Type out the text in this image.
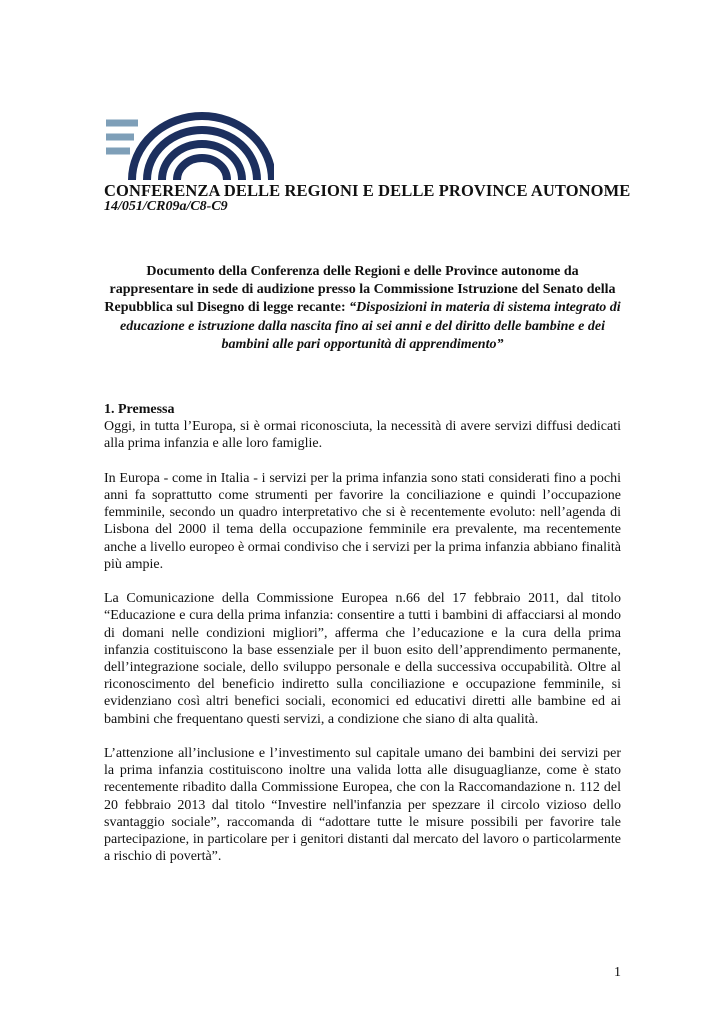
CONFERENZA DELLE REGIONI E DELLE PROVINCE AUTONOME
14/051/CR09a/C8-C9
Documento della Conferenza delle Regioni e delle Province autonome da rappresentare in sede di audizione presso la Commissione Istruzione del Senato della Repubblica sul Disegno di legge recante: “Disposizioni in materia di sistema integrato di educazione e istruzione dalla nascita fino ai sei anni e del diritto delle bambine e dei bambini alle pari opportunità di apprendimento”

1. Premessa

Oggi, in tutta l’Europa, si è ormai riconosciuta, la necessità di avere servizi diffusi dedicati alla prima infanzia e alle loro famiglie.

In Europa - come in Italia - i servizi per la prima infanzia sono stati considerati fino a pochi anni fa soprattutto come strumenti per favorire la conciliazione e quindi l’occupazione femminile, secondo un quadro interpretativo che si è recentemente evoluto: nell’agenda di Lisbona del 2000 il tema della occupazione femminile era prevalente, ma recentemente anche a livello europeo è ormai condiviso che i servizi per la prima infanzia abbiano finalità più ampie.

La Comunicazione della Commissione Europea n.66 del 17 febbraio 2011, dal titolo “Educazione e cura della prima infanzia: consentire a tutti i bambini di affacciarsi al mondo di domani nelle condizioni migliori”, afferma che l’educazione e la cura della prima infanzia costituiscono la base essenziale per il buon esito dell’apprendimento permanente, dell’integrazione sociale, dello sviluppo personale e della successiva occupabilità. Oltre al riconoscimento del beneficio indiretto sulla conciliazione e occupazione femminile, si evidenziano così altri benefici sociali, economici ed educativi diretti alle bambine ed ai bambini che frequentano questi servizi, a condizione che siano di alta qualità.

L’attenzione all’inclusione e l’investimento sul capitale umano dei bambini dei servizi per la prima infanzia costituiscono inoltre una valida lotta alle disuguaglianze, come è stato recentemente ribadito dalla Commissione Europea, che con la Raccomandazione n. 112 del 20 febbraio 2013 dal titolo “Investire nell'infanzia per spezzare il circolo vizioso dello svantaggio sociale”, raccomanda di “adottare tutte le misure possibili per favorire tale partecipazione, in particolare per i genitori distanti dal mercato del lavoro o particolarmente a rischio di povertà”.

1
